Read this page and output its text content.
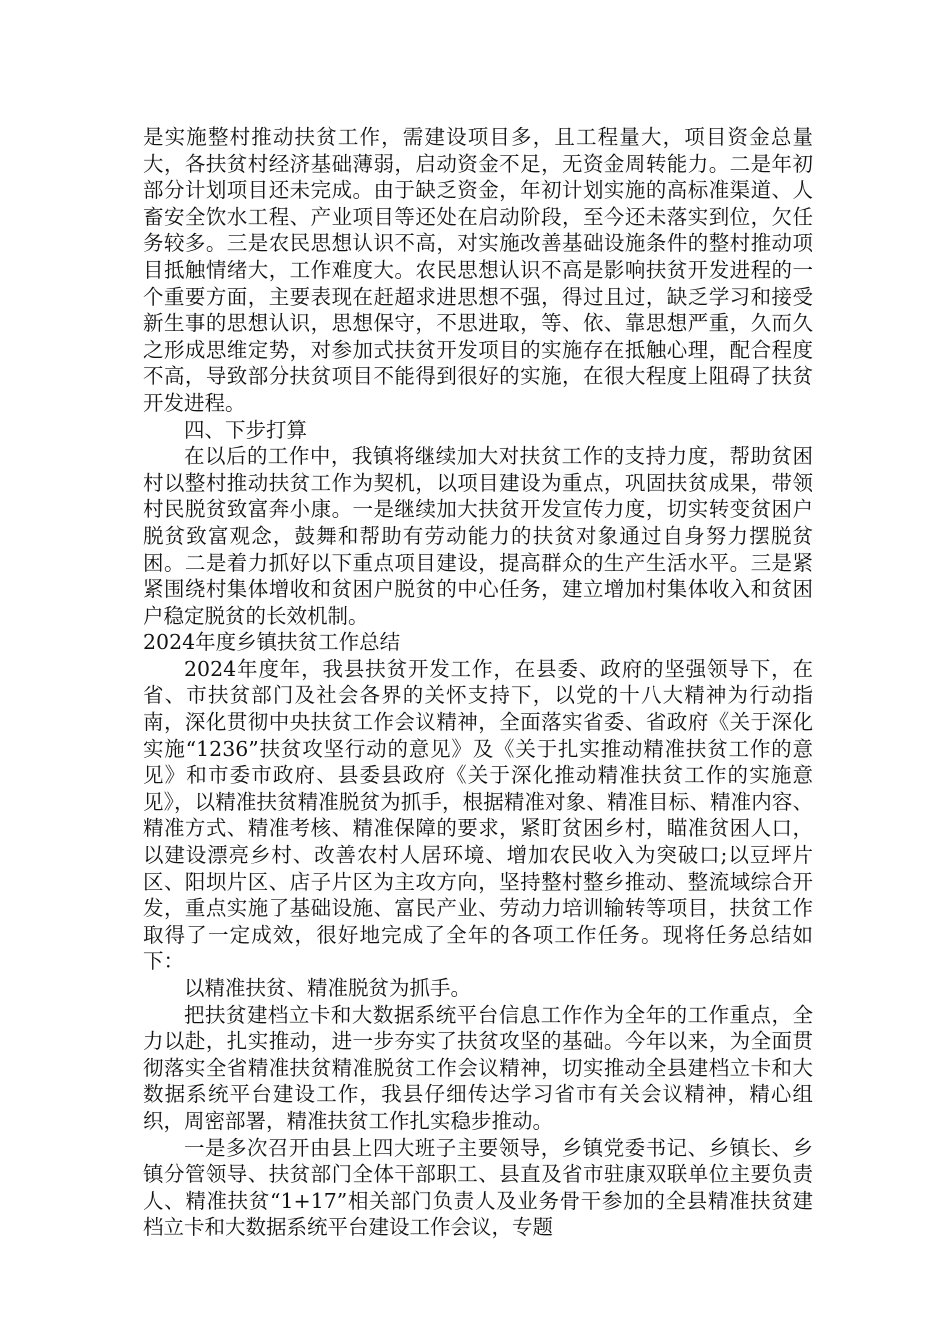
是实施整村推动扶贫工作，需建设项目多，且工程量大，项目资金总量大，各扶贫村经济基础薄弱，启动资金不足，无资金周转能力。二是年初部分计划项目还未完成。由于缺乏资金，年初计划实施的高标准渠道、人畜安全饮水工程、产业项目等还处在启动阶段，至今还未落实到位，欠任务较多。三是农民思想认识不高，对实施改善基础设施条件的整村推动项目抵触情绪大，工作难度大。农民思想认识不高是影响扶贫开发进程的一个重要方面，主要表现在赶超求进思想不强，得过且过，缺乏学习和接受新生事的思想认识，思想保守，不思进取，等、依、靠思想严重，久而久之形成思维定势，对参加式扶贫开发项目的实施存在抵触心理，配合程度不高，导致部分扶贫项目不能得到很好的实施，在很大程度上阻碍了扶贫开发进程。

四、下步打算

在以后的工作中，我镇将继续加大对扶贫工作的支持力度，帮助贫困村以整村推动扶贫工作为契机，以项目建设为重点，巩固扶贫成果，带领村民脱贫致富奔小康。一是继续加大扶贫开发宣传力度，切实转变贫困户脱贫致富观念，鼓舞和帮助有劳动能力的扶贫对象通过自身努力摆脱贫困。二是着力抓好以下重点项目建设，提高群众的生产生活水平。三是紧紧围绕村集体增收和贫困户脱贫的中心任务，建立增加村集体收入和贫困户稳定脱贫的长效机制。

2024年度乡镇扶贫工作总结

2024年度年，我县扶贫开发工作，在县委、政府的坚强领导下，在省、市扶贫部门及社会各界的关怀支持下，以党的十八大精神为行动指南，深化贯彻中央扶贫工作会议精神，全面落实省委、省政府《关于深化实施“1236”扶贫攻坚行动的意见》及《关于扎实推动精准扶贫工作的意见》和市委市政府、县委县政府《关于深化推动精准扶贫工作的实施意见》，以精准扶贫精准脱贫为抓手，根据精准对象、精准目标、精准内容、精准方式、精准考核、精准保障的要求，紧盯贫困乡村，瞄准贫困人口，以建设漂亮乡村、改善农村人居环境、增加农民收入为突破口;以豆坪片区、阳坝片区、店子片区为主攻方向，坚持整村整乡推动、整流域综合开发，重点实施了基础设施、富民产业、劳动力培训输转等项目，扶贫工作取得了一定成效，很好地完成了全年的各项工作任务。现将任务总结如下：

以精准扶贫、精准脱贫为抓手。

把扶贫建档立卡和大数据系统平台信息工作作为全年的工作重点，全力以赴，扎实推动，进一步夯实了扶贫攻坚的基础。今年以来，为全面贯彻落实全省精准扶贫精准脱贫工作会议精神，切实推动全县建档立卡和大数据系统平台建设工作，我县仔细传达学习省市有关会议精神，精心组织，周密部署，精准扶贫工作扎实稳步推动。

一是多次召开由县上四大班子主要领导，乡镇党委书记、乡镇长、乡镇分管领导、扶贫部门全体干部职工、县直及省市驻康双联单位主要负责人、精准扶贫“1+17”相关部门负责人及业务骨干参加的全县精准扶贫建档立卡和大数据系统平台建设工作会议，专题
